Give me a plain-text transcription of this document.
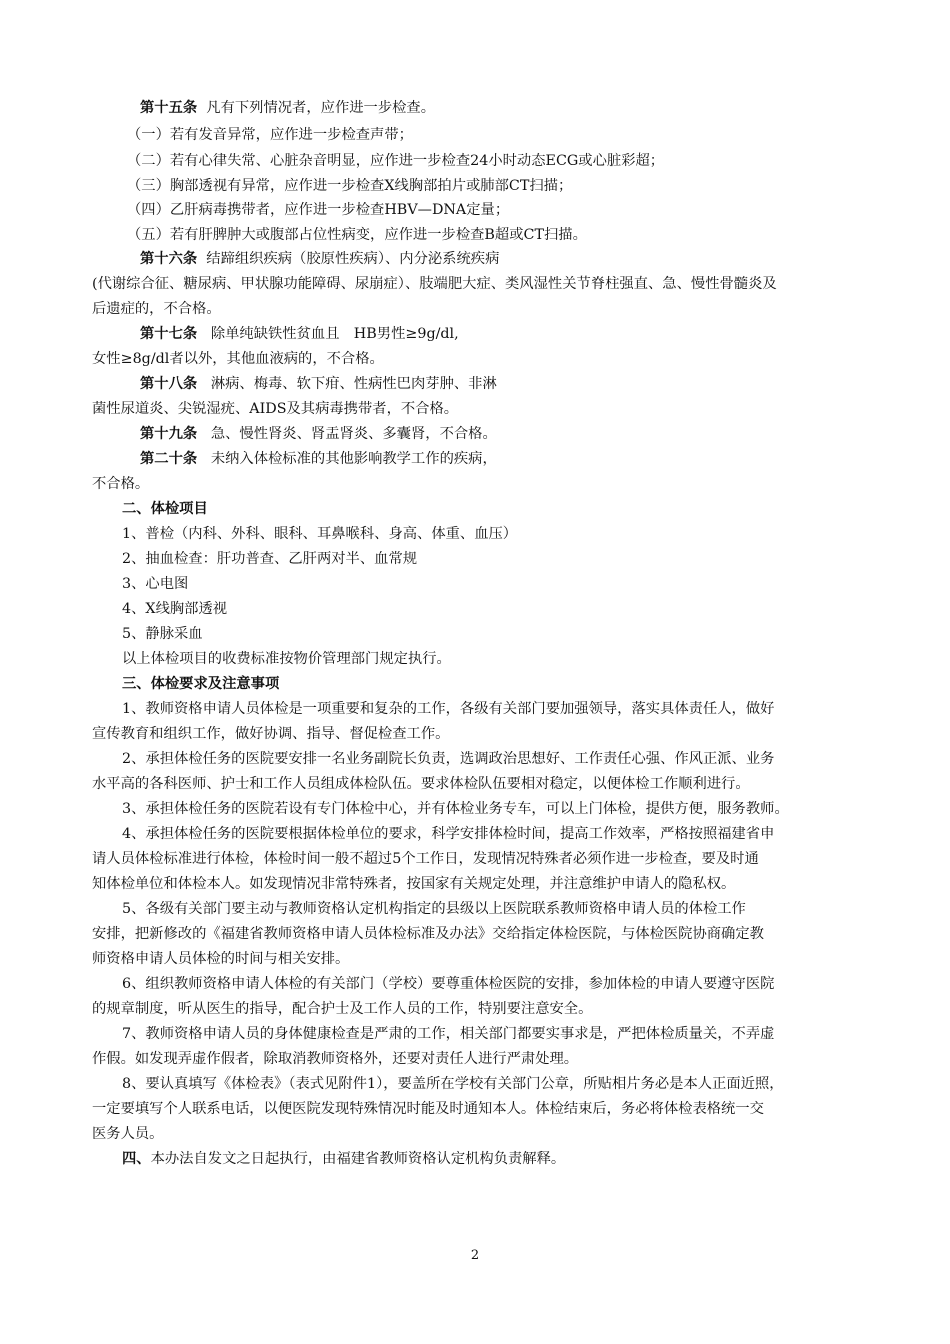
第十五条 凡有下列情况者，应作进一步检查。
（一）若有发音异常，应作进一步检查声带；
（二）若有心律失常、心脏杂音明显，应作进一步检查24小时动态ECG或心脏彩超；
（三）胸部透视有异常，应作进一步检查X线胸部拍片或肺部CT扫描；
（四）乙肝病毒携带者，应作进一步检查HBV—DNA定量；
（五）若有肝脾肿大或腹部占位性病变，应作进一步检查B超或CT扫描。
第十六条 结蹄组织疾病（胶原性疾病）、内分泌系统疾病
(代谢综合征、糖尿病、甲状腺功能障碍、尿崩症）、肢端肥大症、类风湿性关节脊柱强直、急、慢性骨髓炎及
后遗症的，不合格。
第十七条 除单纯缺铁性贫血且　HB男性≥9g/dl,
女性≥8g/dl者以外，其他血液病的，不合格。
第十八条 淋病、梅毒、软下疳、性病性巴肉芽肿、非淋
菌性尿道炎、尖锐湿疣、AIDS及其病毒携带者，不合格。
第十九条 急、慢性肾炎、肾盂肾炎、多囊肾，不合格。
第二十条 未纳入体检标准的其他影响教学工作的疾病，
不合格。
二、体检项目
1、普检（内科、外科、眼科、耳鼻喉科、身高、体重、血压）
2、抽血检查：肝功普查、乙肝两对半、血常规
3、心电图
4、X线胸部透视
5、静脉采血
以上体检项目的收费标准按物价管理部门规定执行。
三、体检要求及注意事项
1、教师资格申请人员体检是一项重要和复杂的工作，各级有关部门要加强领导，落实具体责任人，做好
宣传教育和组织工作，做好协调、指导、督促检查工作。
2、承担体检任务的医院要安排一名业务副院长负责，选调政治思想好、工作责任心强、作风正派、业务
水平高的各科医师、护士和工作人员组成体检队伍。要求体检队伍要相对稳定，以便体检工作顺利进行。
3、承担体检任务的医院若设有专门体检中心，并有体检业务专车，可以上门体检，提供方便，服务教师。
4、承担体检任务的医院要根据体检单位的要求，科学安排体检时间，提高工作效率，严格按照福建省申
请人员体检标准进行体检，体检时间一般不超过5个工作日，发现情况特殊者必须作进一步检查，要及时通
知体检单位和体检本人。如发现情况非常特殊者，按国家有关规定处理，并注意维护申请人的隐私权。
5、各级有关部门要主动与教师资格认定机构指定的县级以上医院联系教师资格申请人员的体检工作
安排，把新修改的《福建省教师资格申请人员体检标准及办法》交给指定体检医院，与体检医院协商确定教
师资格申请人员体检的时间与相关安排。
6、组织教师资格申请人体检的有关部门（学校）要尊重体检医院的安排，参加体检的申请人要遵守医院
的规章制度，听从医生的指导，配合护士及工作人员的工作，特别要注意安全。
7、教师资格申请人员的身体健康检查是严肃的工作，相关部门都要实事求是，严把体检质量关，不弄虚
作假。如发现弄虚作假者，除取消教师资格外，还要对责任人进行严肃处理。
8、要认真填写《体检表》（表式见附件1），要盖所在学校有关部门公章，所贴相片务必是本人正面近照，
一定要填写个人联系电话，以便医院发现特殊情况时能及时通知本人。体检结束后，务必将体检表格统一交
医务人员。
四、本办法自发文之日起执行，由福建省教师资格认定机构负责解释。
2
